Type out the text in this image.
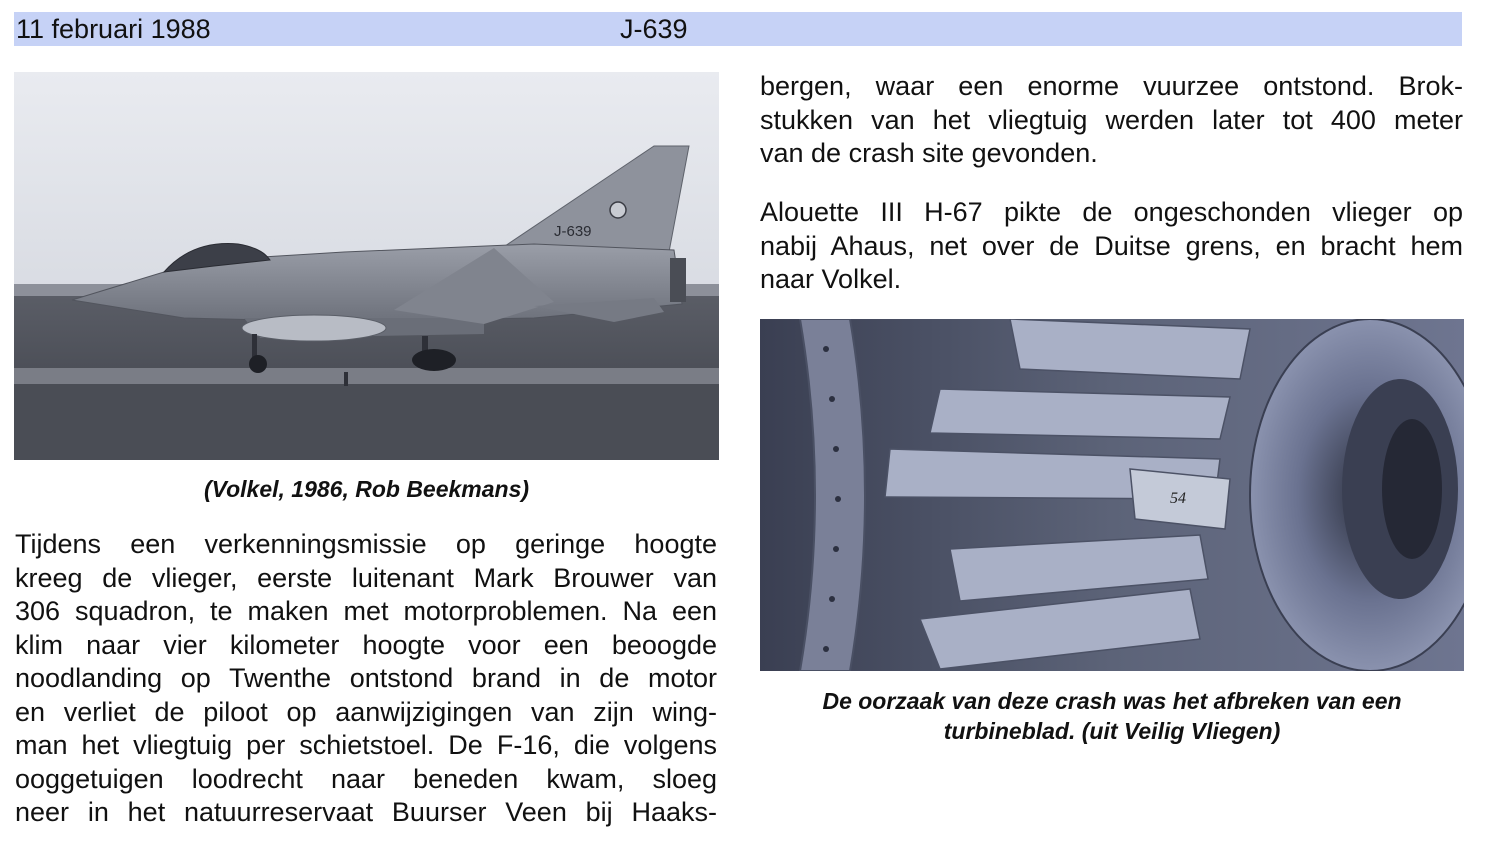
11 februari 1988	J-639
J-639
(Volkel, 1986, Rob Beekmans)

Tijdens een verkenningsmissie op geringe hoogte

kreeg de vlieger, eerste luitenant Mark Brouwer van

306 squadron, te maken met motorproblemen. Na een

klim naar vier kilometer hoogte voor een beoogde

noodlanding op Twenthe ontstond brand in de motor

en verliet de piloot op aanwijzigingen van zijn wing-

man het vliegtuig per schietstoel. De F-16, die volgens

ooggetuigen loodrecht naar beneden kwam, sloeg

neer in het natuurreservaat Buurser Veen bij Haaks-

bergen, waar een enorme vuurzee ontstond. Brok-

stukken van het vliegtuig werden later tot 400 meter

van de crash site gevonden.

Alouette III H-67 pikte de ongeschonden vlieger op

nabij Ahaus, net over de Duitse grens, en bracht hem

naar Volkel.

54
De oorzaak van deze crash was het afbreken van een
turbineblad. (uit Veilig Vliegen)
